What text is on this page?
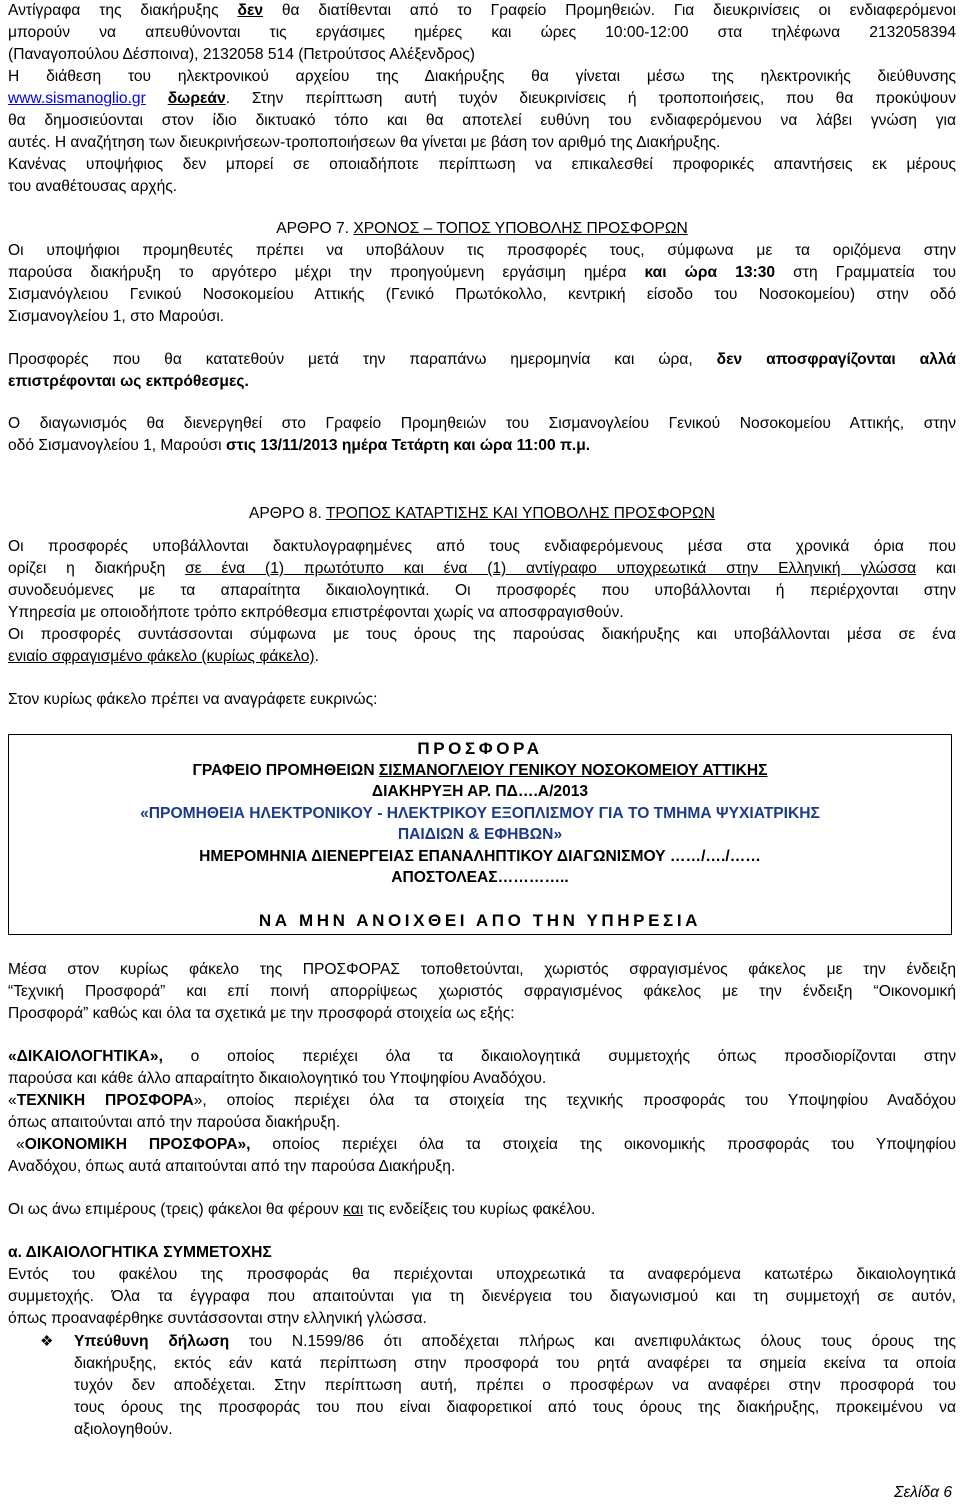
Αντίγραφα της διακήρυξης δεν θα διατίθενται από το Γραφείο Προμηθειών. Για διευκρινίσεις οι ενδιαφερόμενοι
μπορούν να απευθύνονται τις εργάσιμες ημέρες και ώρες 10:00-12:00 στα τηλέφωνα 2132058394
(Παναγοπούλου Δέσποινα), 2132058 514 (Πετρούτσος Αλέξενδρος)
Η διάθεση του ηλεκτρονικού αρχείου της Διακήρυξης θα γίνεται μέσω της ηλεκτρονικής διεύθυνσης
www.sismanoglio.gr δωρεάν. Στην περίπτωση αυτή τυχόν διευκρινίσεις ή τροποποιήσεις, που θα προκύψουν
θα δημοσιεύονται στον ίδιο δικτυακό τόπο και θα αποτελεί ευθύνη του ενδιαφερόμενου να λάβει γνώση για
αυτές. Η αναζήτηση των διευκρινήσεων-τροποποιήσεων θα γίνεται με βάση τον αριθμό της Διακήρυξης.
Κανένας υποψήφιος δεν μπορεί σε οποιαδήποτε περίπτωση να επικαλεσθεί προφορικές απαντήσεις εκ μέρους
του αναθέτουσας αρχής.
ΑΡΘΡΟ 7. ΧΡΟΝΟΣ – ΤΟΠΟΣ ΥΠΟΒΟΛΗΣ ΠΡΟΣΦΟΡΩΝ
Οι υποψήφιοι προμηθευτές πρέπει να υποβάλουν τις προσφορές τους, σύμφωνα με τα οριζόμενα στην
παρούσα διακήρυξη το αργότερο μέχρι την προηγούμενη εργάσιμη ημέρα και ώρα 13:30 στη Γραμματεία του
Σισμανόγλειου Γενικού Νοσοκομείου Αττικής (Γενικό Πρωτόκολλο, κεντρική είσοδο του Νοσοκομείου) στην οδό
Σισμανογλείου 1, στο Μαρούσι.
Προσφορές που θα κατατεθούν μετά την παραπάνω ημερομηνία και ώρα, δεν αποσφραγίζονται αλλά
επιστρέφονται ως εκπρόθεσμες.
Ο διαγωνισμός θα διενεργηθεί στο Γραφείο Προμηθειών του Σισμανογλείου Γενικού Νοσοκομείου Αττικής, στην
οδό Σισμανογλείου 1, Μαρούσι στις 13/11/2013 ημέρα Τετάρτη και ώρα 11:00 π.μ.
ΑΡΘΡΟ 8. ΤΡΟΠΟΣ ΚΑΤΑΡΤΙΣΗΣ ΚΑΙ ΥΠΟΒΟΛΗΣ ΠΡΟΣΦΟΡΩΝ
Οι προσφορές υποβάλλονται δακτυλογραφημένες από τους ενδιαφερόμενους μέσα στα χρονικά όρια που
ορίζει η διακήρυξη σε ένα (1) πρωτότυπο και ένα (1) αντίγραφο υποχρεωτικά στην Ελληνική γλώσσα και
συνοδευόμενες με τα απαραίτητα δικαιολογητικά. Οι προσφορές που υποβάλλονται ή περιέρχονται στην
Υπηρεσία με οποιοδήποτε τρόπο εκπρόθεσμα επιστρέφονται χωρίς να αποσφραγισθούν.
Οι προσφορές συντάσσονται σύμφωνα με τους όρους της παρούσας διακήρυξης και υποβάλλονται μέσα σε ένα
ενιαίο σφραγισμένο φάκελο (κυρίως φάκελο).
Στον κυρίως φάκελο πρέπει να αναγράφετε ευκρινώς:
ΠΡΟΣΦΟΡΑ
ΓΡΑΦΕΙΟ ΠΡΟΜΗΘΕΙΩΝ ΣΙΣΜΑΝΟΓΛΕΙΟΥ ΓΕΝΙΚΟΥ ΝΟΣΟΚΟΜΕΙΟΥ ΑΤΤΙΚΗΣ
ΔΙΑΚΗΡΥΞΗ ΑΡ. ΠΔ….Α/2013
«ΠΡΟΜΗΘΕΙΑ ΗΛΕΚΤΡΟΝΙΚΟΥ - ΗΛΕΚΤΡΙΚΟΥ ΕΞΟΠΛΙΣΜΟΥ ΓΙΑ ΤΟ ΤΜΗΜΑ ΨΥΧΙΑΤΡΙΚΗΣ
ΠΑΙΔΙΩΝ & ΕΦΗΒΩΝ»
ΗΜΕΡΟΜΗΝΙΑ ΔΙΕΝΕΡΓΕΙΑΣ ΕΠΑΝΑΛΗΠΤΙΚΟΥ ΔΙΑΓΩΝΙΣΜΟΥ ……/…./……
ΑΠΟΣΤΟΛΕΑΣ…………..
ΝΑ ΜΗΝ ΑΝΟΙΧΘΕΙ ΑΠΟ ΤΗΝ ΥΠΗΡΕΣΙΑ
Μέσα στον κυρίως φάκελο της ΠΡΟΣΦΟΡΑΣ τοποθετούνται, χωριστός σφραγισμένος φάκελος με την ένδειξη
“Τεχνική Προσφορά” και επί ποινή απορρίψεως χωριστός σφραγισμένος φάκελος με την ένδειξη “Οικονομική
Προσφορά” καθώς και όλα τα σχετικά με την προσφορά στοιχεία ως εξής:
«ΔΙΚΑΙΟΛΟΓΗΤΙΚΑ», ο οποίος περιέχει όλα τα δικαιολογητικά συμμετοχής όπως προσδιορίζονται στην
παρούσα και κάθε άλλο απαραίτητο δικαιολογητικό του Υποψηφίου Αναδόχου.
«ΤΕΧΝΙΚΗ ΠΡΟΣΦΟΡΑ», οποίος περιέχει όλα τα στοιχεία της τεχνικής προσφοράς του Υποψηφίου Αναδόχου
όπως απαιτούνται από την παρούσα διακήρυξη.
«ΟΙΚΟΝΟΜΙΚΗ ΠΡΟΣΦΟΡΑ», οποίος περιέχει όλα τα στοιχεία της οικονομικής προσφοράς του Υποψηφίου
Αναδόχου, όπως αυτά απαιτούνται από την παρούσα Διακήρυξη.
Οι ως άνω επιμέρους (τρεις) φάκελοι θα φέρουν και τις ενδείξεις του κυρίως φακέλου.
α. ΔΙΚΑΙΟΛΟΓΗΤΙΚΑ ΣΥΜΜΕΤΟΧΗΣ
Εντός του φακέλου της προσφοράς θα περιέχονται υποχρεωτικά τα αναφερόμενα κατωτέρω δικαιολογητικά
συμμετοχής. Όλα τα έγγραφα που απαιτούνται για τη διενέργεια του διαγωνισμού και τη συμμετοχή σε αυτόν,
όπως προαναφέρθηκε συντάσσονται στην ελληνική γλώσσα.
❖ Υπεύθυνη δήλωση του Ν.1599/86 ότι αποδέχεται πλήρως και ανεπιφυλάκτως όλους τους όρους της
διακήρυξης, εκτός εάν κατά περίπτωση στην προσφορά του ρητά αναφέρει τα σημεία εκείνα τα οποία
τυχόν δεν αποδέχεται. Στην περίπτωση αυτή, πρέπει ο προσφέρων να αναφέρει στην προσφορά του
τους όρους της προσφοράς του που είναι διαφορετικοί από τους όρους της διακήρυξης, προκειμένου να
αξιολογηθούν.
Σελίδα 6
